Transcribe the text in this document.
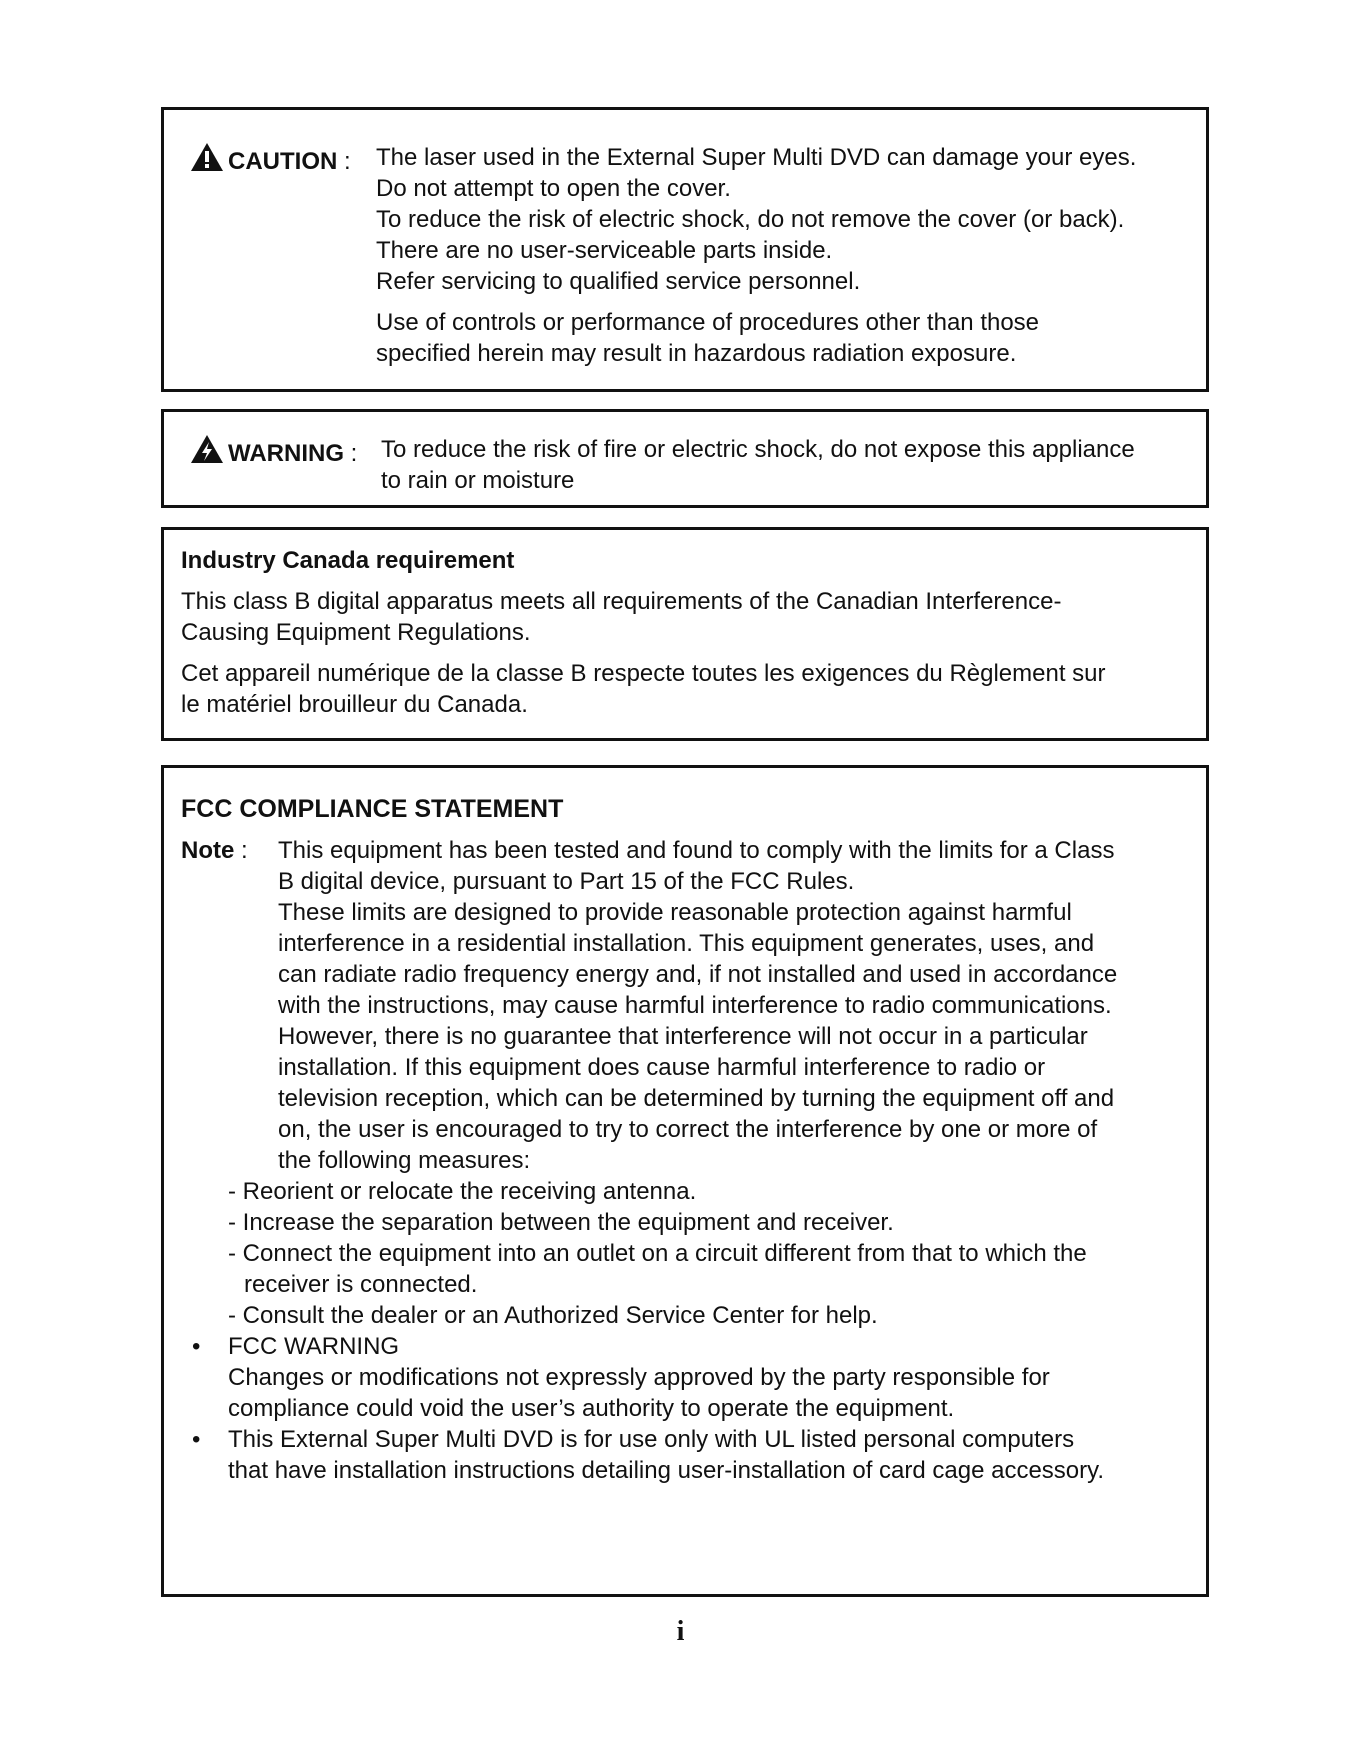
CAUTION : The laser used in the External Super Multi DVD can damage your eyes.
Do not attempt to open the cover.
To reduce the risk of electric shock, do not remove the cover (or back).
There are no user-serviceable parts inside.
Refer servicing to qualified service personnel.
Use of controls or performance of procedures other than those
specified herein may result in hazardous radiation exposure.
WARNING : To reduce the risk of fire or electric shock, do not expose this appliance
to rain or moisture
Industry Canada requirement
This class B digital apparatus meets all requirements of the Canadian Interference-
Causing Equipment Regulations.
Cet appareil numérique de la classe B respecte toutes les exigences du Règlement sur
le matériel brouilleur du Canada.
FCC COMPLIANCE STATEMENT
Note : This equipment has been tested and found to comply with the limits for a Class
B digital device, pursuant to Part 15 of the FCC Rules.
These limits are designed to provide reasonable protection against harmful
interference in a residential installation. This equipment generates, uses, and
can radiate radio frequency energy and, if not installed and used in accordance
with the instructions, may cause harmful interference to radio communications.
However, there is no guarantee that interference will not occur in a particular
installation. If this equipment does cause harmful interference to radio or
television reception, which can be determined by turning the equipment off and
on, the user is encouraged to try to correct the interference by one or more of
the following measures:
- Reorient or relocate the receiving antenna.
- Increase the separation between the equipment and receiver.
- Connect the equipment into an outlet on a circuit different from that to which the
receiver is connected.
- Consult the dealer or an Authorized Service Center for help.
• FCC WARNING
Changes or modifications not expressly approved by the party responsible for
compliance could void the user’s authority to operate the equipment.
• This External Super Multi DVD is for use only with UL listed personal computers
that have installation instructions detailing user-installation of card cage accessory.
i
